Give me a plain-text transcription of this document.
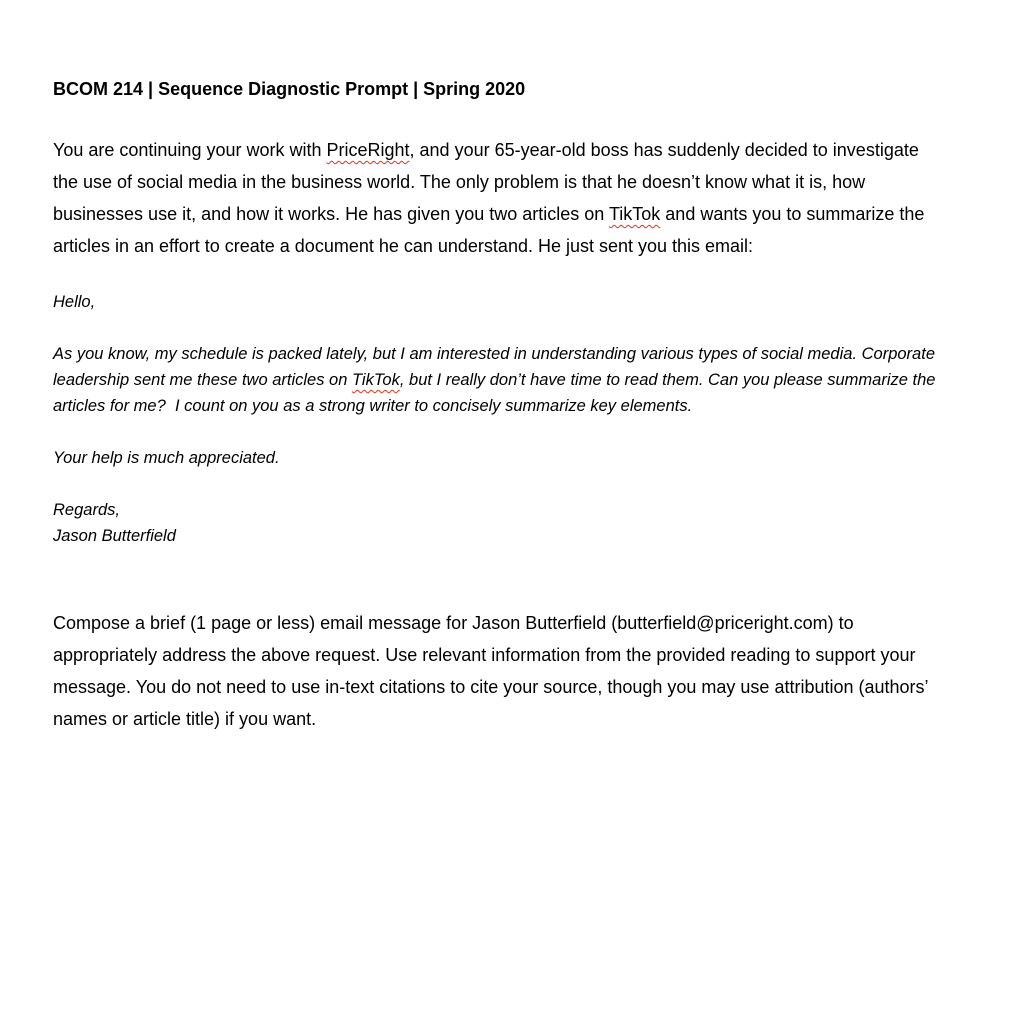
BCOM 214 | Sequence Diagnostic Prompt | Spring 2020

You are continuing your work with PriceRight, and your 65-year-old boss has suddenly decided to investigate the use of social media in the business world. The only problem is that he doesn’t know what it is, how businesses use it, and how it works. He has given you two articles on TikTok and wants you to summarize the articles in an effort to create a document he can understand. He just sent you this email:

Hello,

As you know, my schedule is packed lately, but I am interested in understanding various types of social media. Corporate leadership sent me these two articles on TikTok, but I really don’t have time to read them. Can you please summarize the articles for me?  I count on you as a strong writer to concisely summarize key elements.

Your help is much appreciated.

Regards,

Jason Butterfield

Compose a brief (1 page or less) email message for Jason Butterfield (butterfield@priceright.com) to appropriately address the above request. Use relevant information from the provided reading to support your message. You do not need to use in-text citations to cite your source, though you may use attribution (authors’ names or article title) if you want.
